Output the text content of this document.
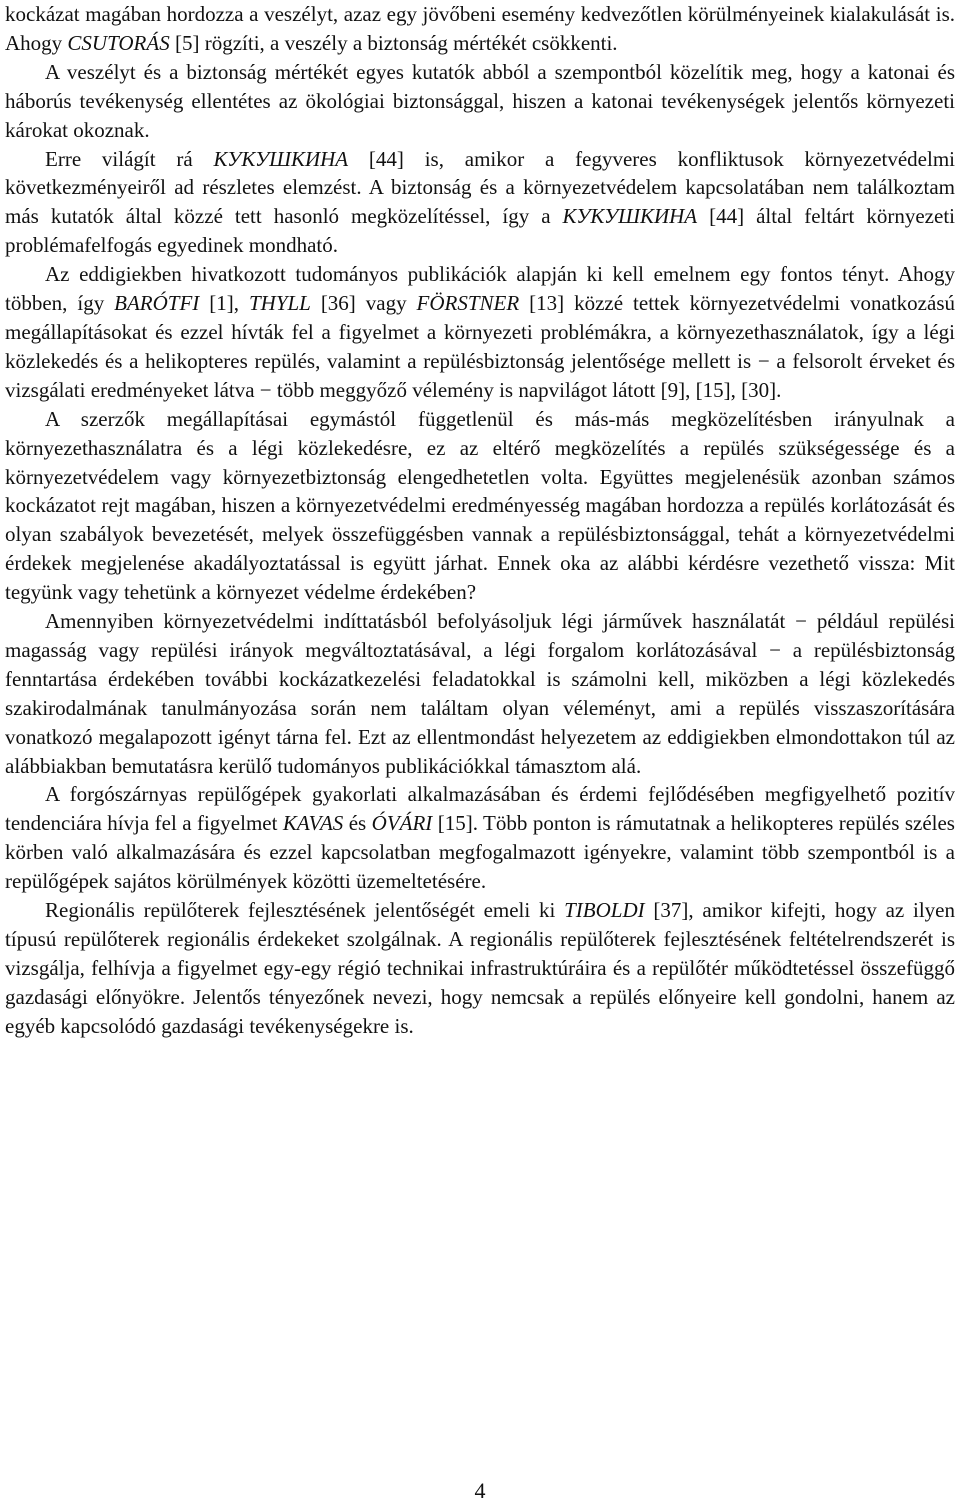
kockázat magában hordozza a veszélyt, azaz egy jövőbeni esemény kedvezőtlen körülményeinek kialakulását is. Ahogy CSUTORÁS [5] rögzíti, a veszély a biztonság mértékét csökkenti.

A veszélyt és a biztonság mértékét egyes kutatók abból a szempontból közelítik meg, hogy a katonai és háborús tevékenység ellentétes az ökológiai biztonsággal, hiszen a katonai tevékenységek jelentős környezeti károkat okoznak.

Erre világít rá КУКУШКИНА [44] is, amikor a fegyveres konfliktusok környezetvédelmi következményeiről ad részletes elemzést. A biztonság és a környezetvédelem kapcsolatában nem találkoztam más kutatók által közzé tett hasonló megközelítéssel, így a КУКУШКИНА [44] által feltárt környezeti problémafelfogás egyedinek mondható.

Az eddigiekben hivatkozott tudományos publikációk alapján ki kell emelnem egy fontos tényt. Ahogy többen, így BARÓTFI [1], THYLL [36] vagy FÖRSTNER [13] közzé tettek környezetvédelmi vonatkozású megállapításokat és ezzel hívták fel a figyelmet a környezeti problémákra, a környezethasználatok, így a légi közlekedés és a helikopteres repülés, valamint a repülésbiztonság jelentősége mellett is − a felsorolt érveket és vizsgálati eredményeket látva − több meggyőző vélemény is napvilágot látott [9], [15], [30].

A szerzők megállapításai egymástól függetlenül és más-más megközelítésben irányulnak a környezethasználatra és a légi közlekedésre, ez az eltérő megközelítés a repülés szükségessége és a környezetvédelem vagy környezetbiztonság elengedhetetlen volta. Együttes megjelenésük azonban számos kockázatot rejt magában, hiszen a környezetvédelmi eredményesség magában hordozza a repülés korlátozását és olyan szabályok bevezetését, melyek összefüggésben vannak a repülésbiztonsággal, tehát a környezetvédelmi érdekek megjelenése akadályoztatással is együtt járhat. Ennek oka az alábbi kérdésre vezethető vissza: Mit tegyünk vagy tehetünk a környezet védelme érdekében?

Amennyiben környezetvédelmi indíttatásból befolyásoljuk légi járművek használatát − például repülési magasság vagy repülési irányok megváltoztatásával, a légi forgalom korlátozásával − a repülésbiztonság fenntartása érdekében további kockázatkezelési feladatokkal is számolni kell, miközben a légi közlekedés szakirodalmának tanulmányozása során nem találtam olyan véleményt, ami a repülés visszaszorítására vonatkozó megalapozott igényt tárna fel. Ezt az ellentmondást helyezetem az eddigiekben elmondottakon túl az alábbiakban bemutatásra kerülő tudományos publikációkkal támasztom alá.

A forgószárnyas repülőgépek gyakorlati alkalmazásában és érdemi fejlődésében megfigyelhető pozitív tendenciára hívja fel a figyelmet KAVAS és ÓVÁRI [15]. Több ponton is rámutatnak a helikopteres repülés széles körben való alkalmazására és ezzel kapcsolatban megfogalmazott igényekre, valamint több szempontból is a repülőgépek sajátos körülmények közötti üzemeltetésére.

Regionális repülőterek fejlesztésének jelentőségét emeli ki TIBOLDI [37], amikor kifejti, hogy az ilyen típusú repülőterek regionális érdekeket szolgálnak. A regionális repülőterek fejlesztésének feltételrendszerét is vizsgálja, felhívja a figyelmet egy-egy régió technikai infrastruktúráira és a repülőtér működtetéssel összefüggő gazdasági előnyökre. Jelentős tényezőnek nevezi, hogy nemcsak a repülés előnyeire kell gondolni, hanem az egyéb kapcsolódó gazdasági tevékenységekre is.

4
